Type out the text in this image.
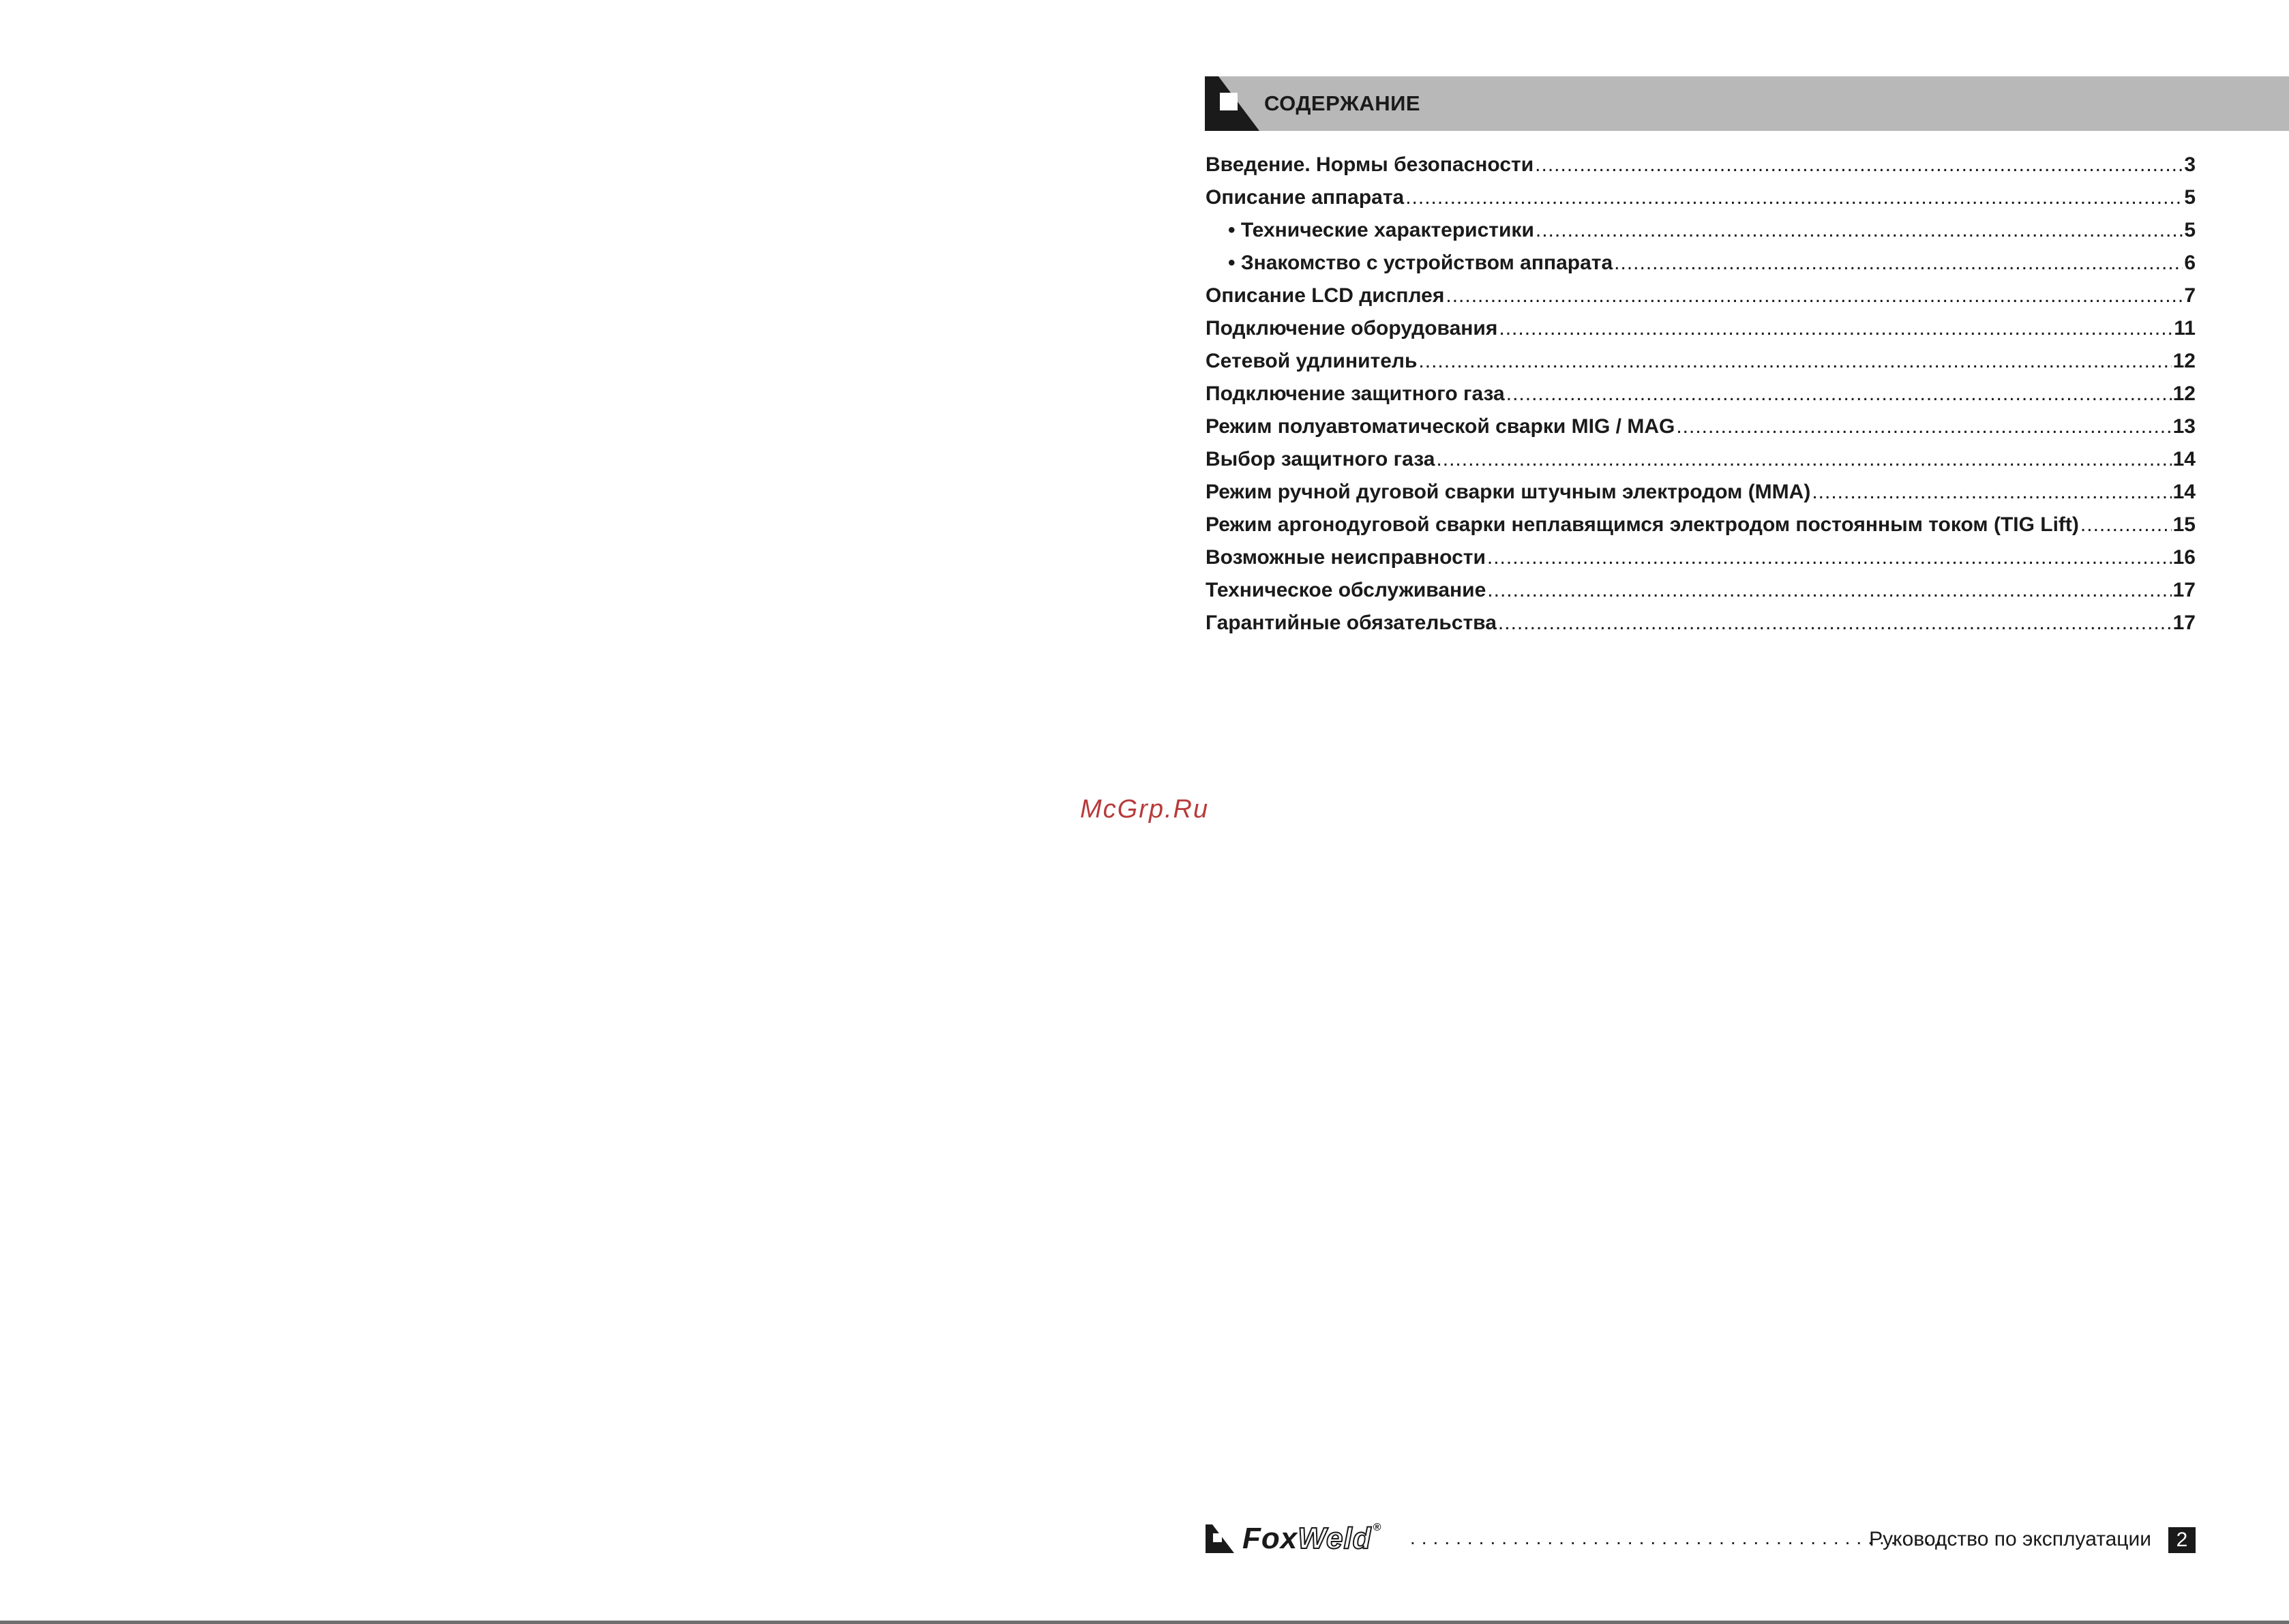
СОДЕРЖАНИЕ
Введение. Нормы безопасности .....	3
Описание аппарата .....	5
• Технические характеристики .....	5
• Знакомство с устройством аппарата .....	6
Описание LCD дисплея .....	7
Подключение оборудования .....	11
Сетевой удлинитель .....	12
Подключение защитного газа .....	12
Режим полуавтоматической сварки MIG / MAG .....	13
Выбор защитного газа .....	14
Режим ручной дуговой сварки штучным электродом (MMA) .....	14
Режим аргонодуговой сварки неплавящимся электродом постоянным током (TIG Lift) .....	15
Возможные неисправности .....	16
Техническое обслуживание .....	17
Гарантийные обязательства .....	17
McGrp.Ru
FoxWeld ®
.....
Руководство по эксплуатации	2
